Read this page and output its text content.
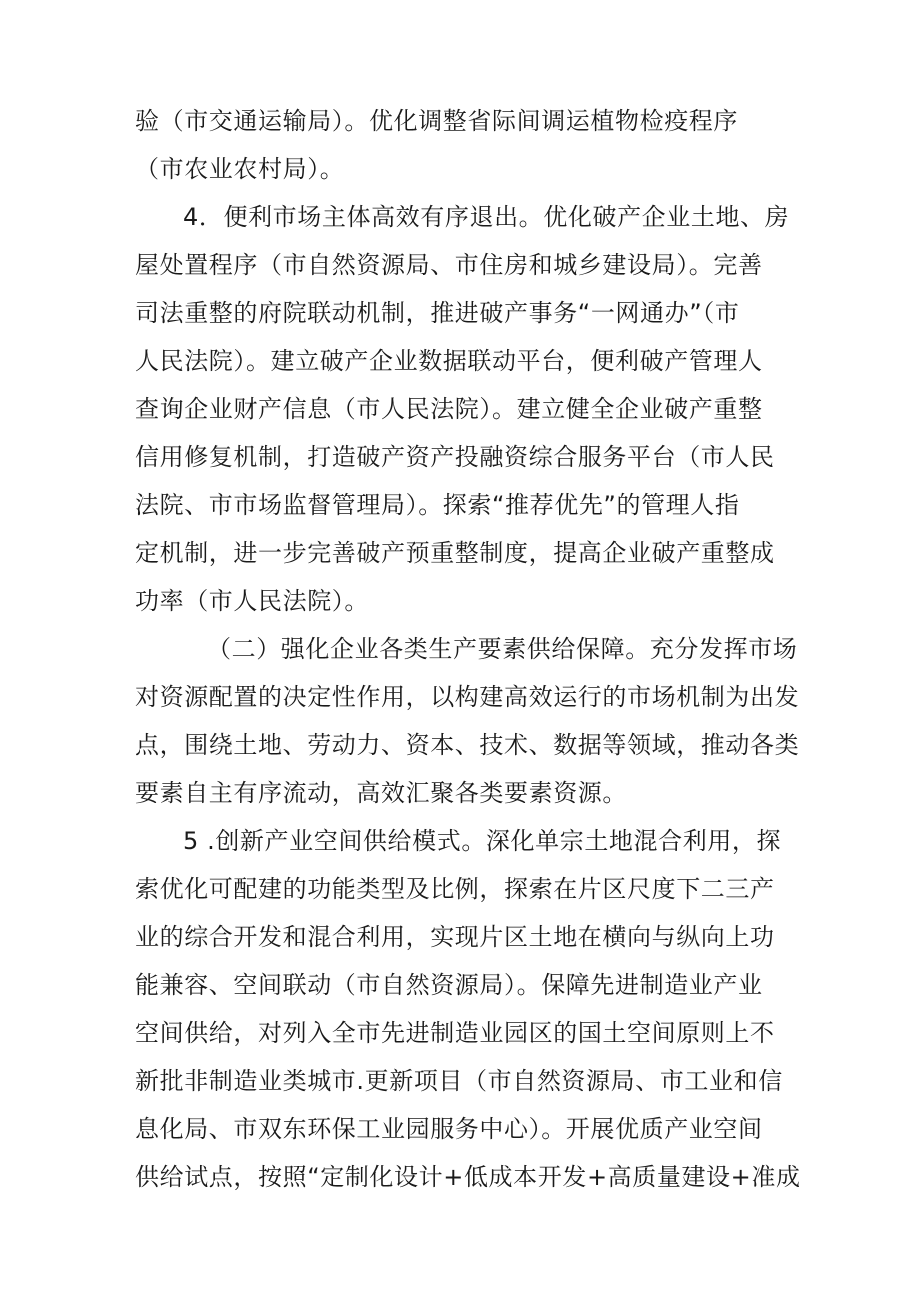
验（市交通运输局）。优化调整省际间调运植物检疫程序
（市农业农村局）。
4．便利市场主体高效有序退出。优化破产企业土地、房
屋处置程序（市自然资源局、市住房和城乡建设局）。完善
司法重整的府院联动机制，推进破产事务“一网通办”（市
人民法院）。建立破产企业数据联动平台，便利破产管理人
查询企业财产信息（市人民法院）。建立健全企业破产重整
信用修复机制，打造破产资产投融资综合服务平台（市人民
法院、市市场监督管理局）。探索“推荐优先”的管理人指
定机制，进一步完善破产预重整制度，提高企业破产重整成
功率（市人民法院）。
（二）强化企业各类生产要素供给保障。充分发挥市场
对资源配置的决定性作用，以构建高效运行的市场机制为出发
点，围绕土地、劳动力、资本、技术、数据等领域，推动各类
要素自主有序流动，高效汇聚各类要素资源。
5 .创新产业空间供给模式。深化单宗土地混合利用，探
索优化可配建的功能类型及比例，探索在片区尺度下二三产
业的综合开发和混合利用，实现片区土地在横向与纵向上功
能兼容、空间联动（市自然资源局）。保障先进制造业产业
空间供给，对列入全市先进制造业园区的国土空间原则上不
新批非制造业类城市.更新项目（市自然资源局、市工业和信
息化局、市双东环保工业园服务中心）。开展优质产业空间
供给试点，按照“定制化设计+低成本开发+高质量建设+准成
